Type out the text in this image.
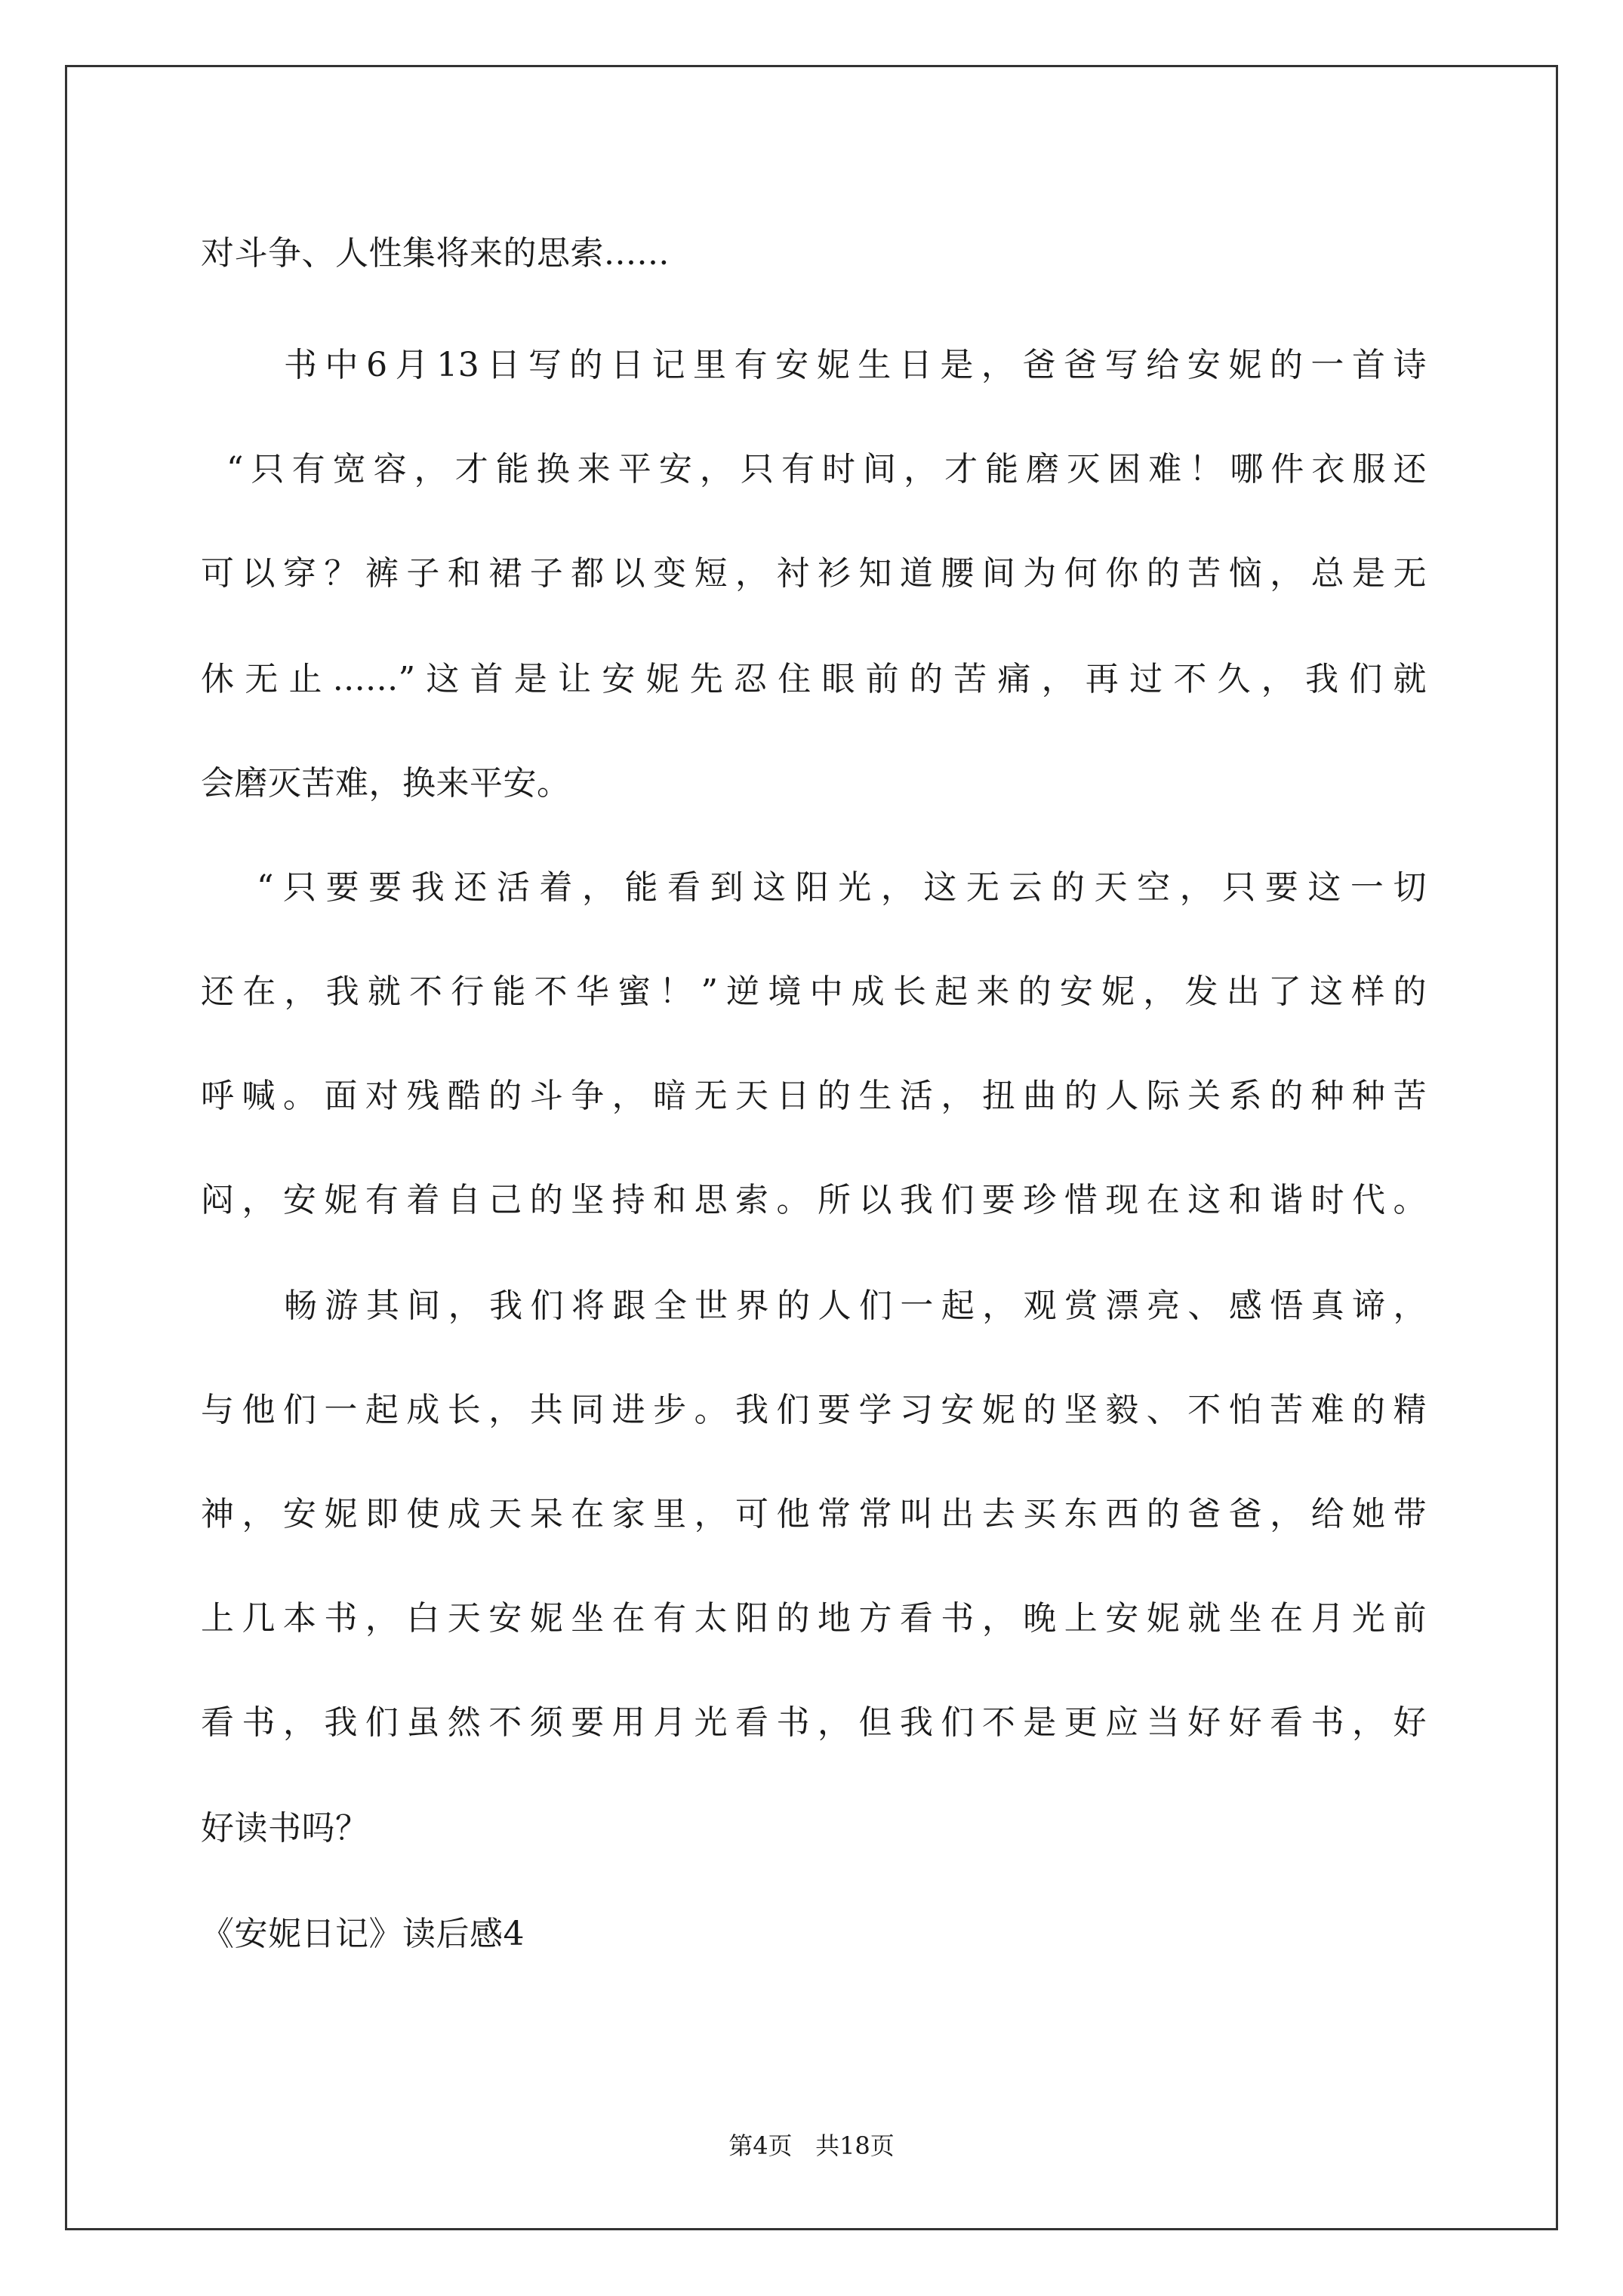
对斗争、人性集将来的思索......
书中6月13日写的日记里有安妮生日是，爸爸写给安妮的一首诗
“只有宽容，才能换来平安，只有时间，才能磨灭困难！哪件衣服还
可以穿？裤子和裙子都以变短，衬衫知道腰间为何你的苦恼，总是无
休无止......”这首是让安妮先忍住眼前的苦痛，再过不久，我们就
会磨灭苦难，换来平安。
“只要要我还活着，能看到这阳光，这无云的天空，只要这一切
还在，我就不行能不华蜜！”逆境中成长起来的安妮，发出了这样的
呼喊。面对残酷的斗争，暗无天日的生活，扭曲的人际关系的种种苦
闷，安妮有着自己的坚持和思索。所以我们要珍惜现在这和谐时代。
畅游其间，我们将跟全世界的人们一起，观赏漂亮、感悟真谛，
与他们一起成长，共同进步。我们要学习安妮的坚毅、不怕苦难的精
神，安妮即使成天呆在家里，可他常常叫出去买东西的爸爸，给她带
上几本书，白天安妮坐在有太阳的地方看书，晚上安妮就坐在月光前
看书，我们虽然不须要用月光看书，但我们不是更应当好好看书，好
好读书吗？
《安妮日记》读后感4
第4页   共18页
